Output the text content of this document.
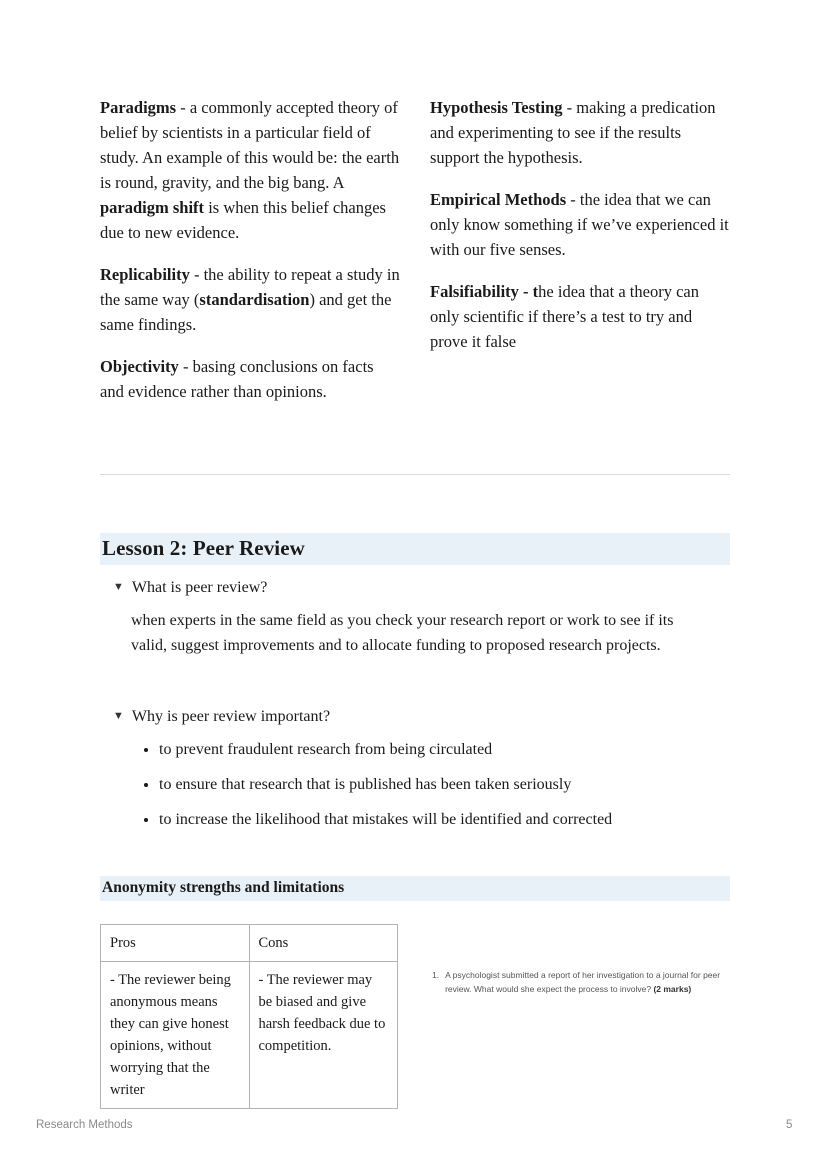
Paradigms - a commonly accepted theory of belief by scientists in a particular field of study. An example of this would be: the earth is round, gravity, and the big bang. A paradigm shift is when this belief changes due to new evidence.
Replicability - the ability to repeat a study in the same way (standardisation) and get the same findings.
Objectivity - basing conclusions on facts and evidence rather than opinions.
Hypothesis Testing - making a predication and experimenting to see if the results support the hypothesis.
Empirical Methods - the idea that we can only know something if we’ve experienced it with our five senses.
Falsifiability - the idea that a theory can only scientific if there’s a test to try and prove it false
Lesson 2: Peer Review
▼ What is peer review?
when experts in the same field as you check your research report or work to see if its valid, suggest improvements and to allocate funding to proposed research projects.
▼ Why is peer review important?
• to prevent fraudulent research from being circulated
• to ensure that research that is published has been taken seriously
• to increase the likelihood that mistakes will be identified and corrected
Anonymity strengths and limitations
Pros	Cons
- The reviewer being anonymous means they can give honest opinions, without worrying that the writer	- The reviewer may be biased and give harsh feedback due to competition.
1. A psychologist submitted a report of her investigation to a journal for peer review. What would she expect the process to involve? (2 marks)
Research Methods	5
